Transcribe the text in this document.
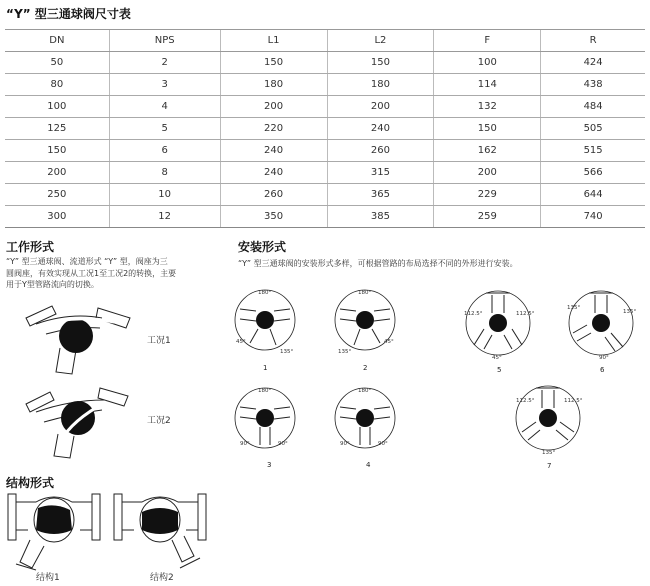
“Y” 型三通球阀尺寸表
DN	NPS	L1	L2	F	R
50	2	150	150	100	424
80	3	180	180	114	438
100	4	200	200	132	484
125	5	220	240	150	505
150	6	240	260	162	515
200	8	240	315	200	566
250	10	260	365	229	644
300	12	350	385	259	740
工作形式
“Y” 型三通球阀、流道形式 “Y” 型，阀座为三
圆阀座，有效实现从工况1至工况2的转换，主要
用于Y型管路流向的切换。
工况1
工况2
结构形式
结构1	结构2
安装形式
“Y” 型三通球阀的安装形式多样，可根据管路的布局选择不同的外形进行安装。
180°
45°
135°
1
180°
135°
45°
2
180°
90°	90°
3
180°
90°	90°
4
112.5°
45°
112.5°
5
135°
135°
90°
6
112.5°	112.5°
135°
7
